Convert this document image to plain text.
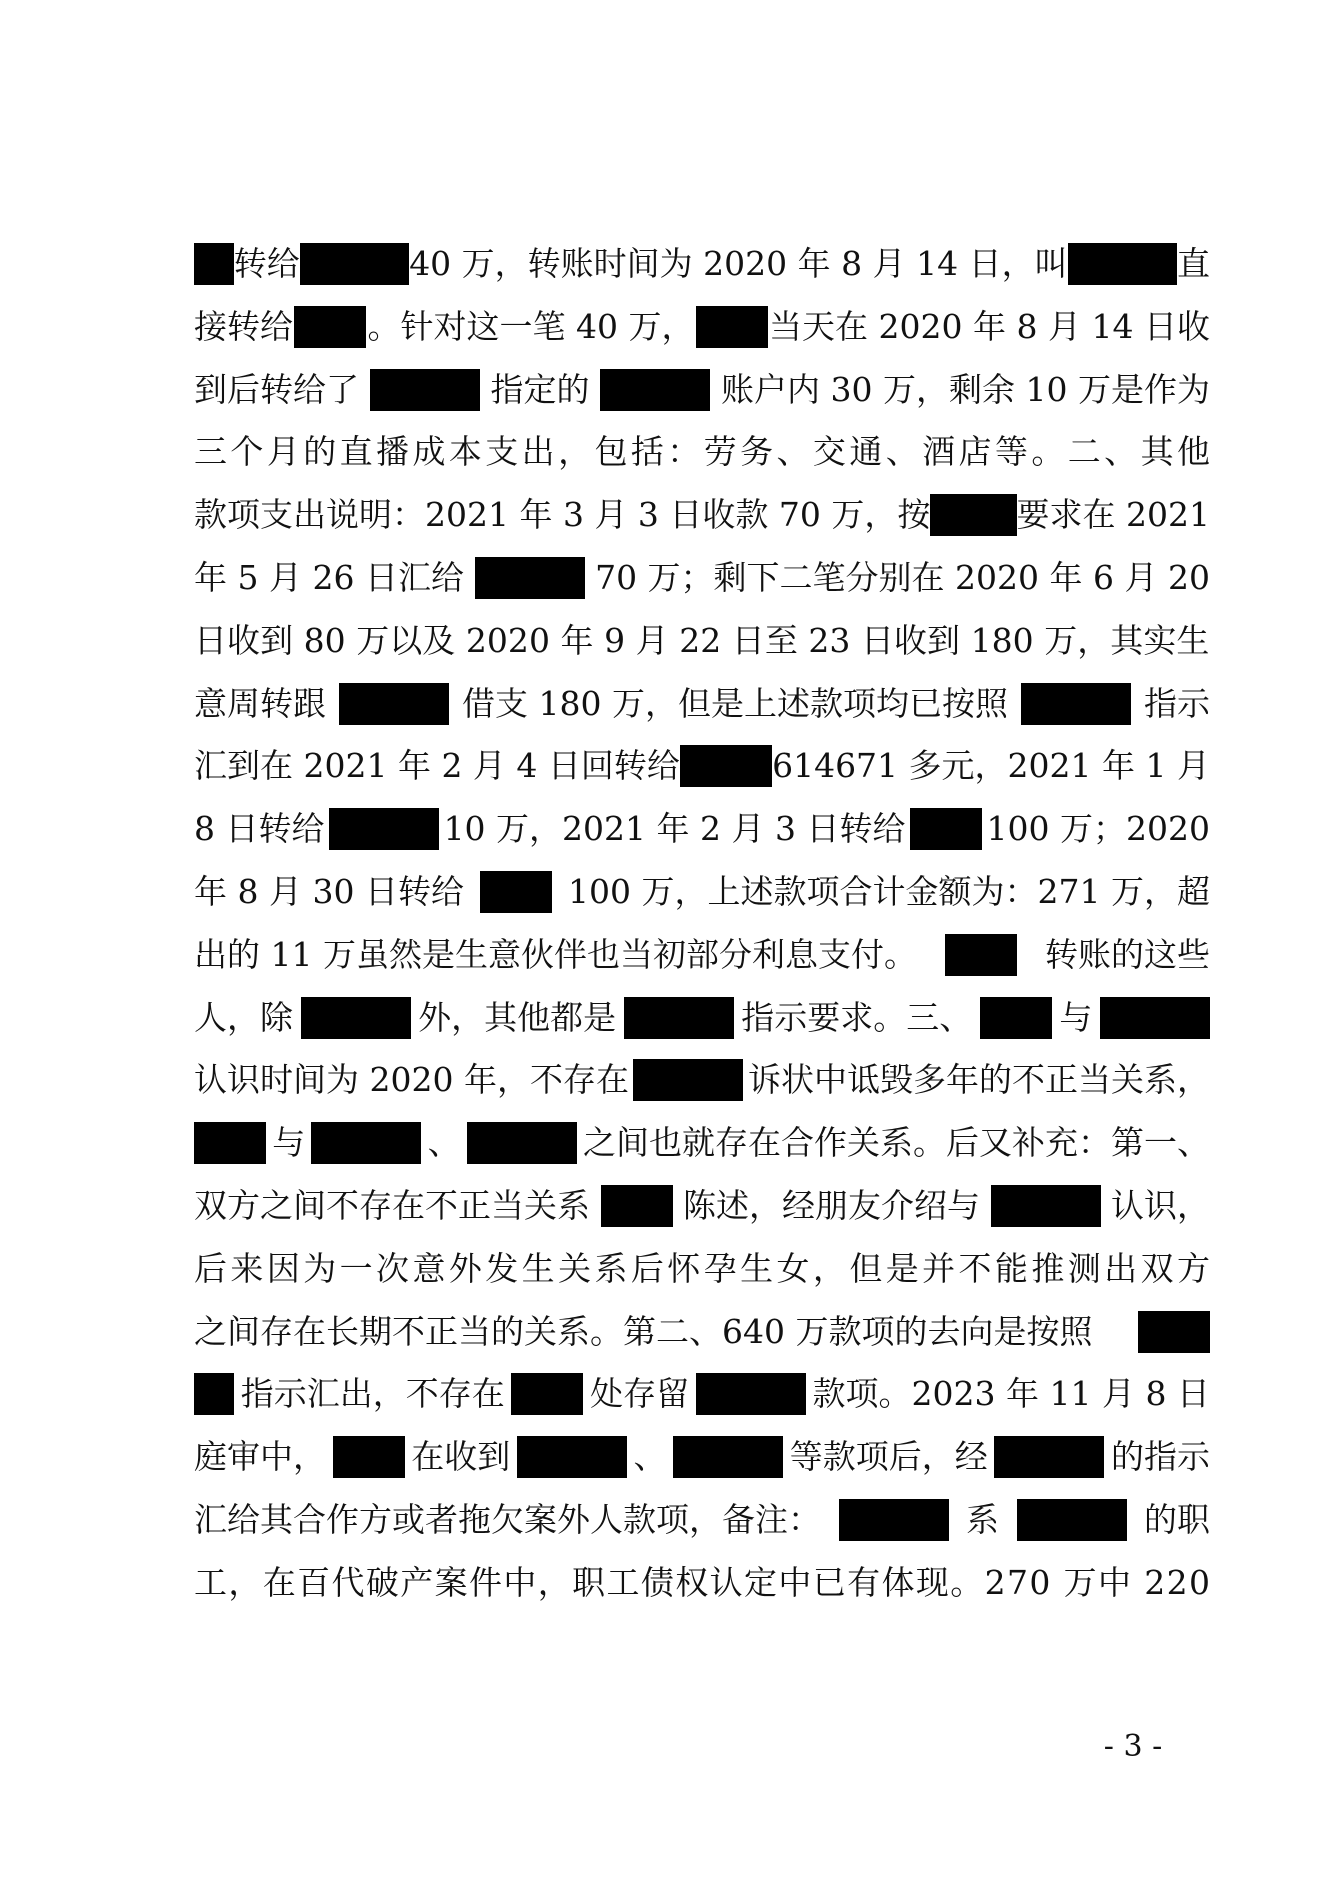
转给	40 万，转账时间为 2020 年 8 月 14 日，叫	直
接转给 。针对这一笔 40 万， 当天在 2020 年 8 月 14 日收
到后转给了	指定的	账户内 30 万，剩余 10 万是作为
三 个 月 的 直 播 成 本 支 出 ， 包 括 ： 劳 务 、 交 通 、 酒 店 等 。 二 、 其 他
款项支出说明：2021 年 3 月 3 日收款 70 万，按	要求在 2021
年 5 月 26 日汇给	70 万；剩下二笔分别在 2020 年 6 月 20
日 收 到
8 0
万 以 及
2 0 2 0
年
9
月
2 2
日 至
2 3
日 收 到
1 8 0
万 ， 其 实 生
意周转跟	借支 180 万，但是上述款项均已按照	指示
汇到在 2021 年 2 月 4 日回转给	614671 多元，2021 年 1 月
8 日转给	10 万，2021 年 2 月 3 日转给 100 万；2020
年 8 月 30 日转给	100 万，上述款项合计金额为：271 万，超
出的 11 万虽然是生意伙伴也当初部分利息支付。	转账的这些
人，除	外，其他都是	指示要求。三、	与
认识时间为 2020 年，不存在	诉状中诋毁多年的不正当关系，
与	、	之间也就存在合作关系。后又补充：第一、
双方之间不存在不正当关系	陈述，经朋友介绍与	认识，
后 来 因 为 一 次 意 外 发 生 关 系 后 怀 孕 生 女 ， 但 是 并 不 能 推 测 出 双 方
之间存在长期不正当的关系。第二、640 万款项的去向是按照
指示汇出，不存在	处存留	款项。2023 年 11 月 8 日
庭审中，	在收到	、	等款项后，经	的指示
汇给其合作方或者拖欠案外人款项，备注：	系	的职
工 ， 在 百 代 破 产 案 件 中 ， 职 工 债 权 认 定 中 已 有 体 现 。 2 7 0
万 中
2 2 0
- 3 -
